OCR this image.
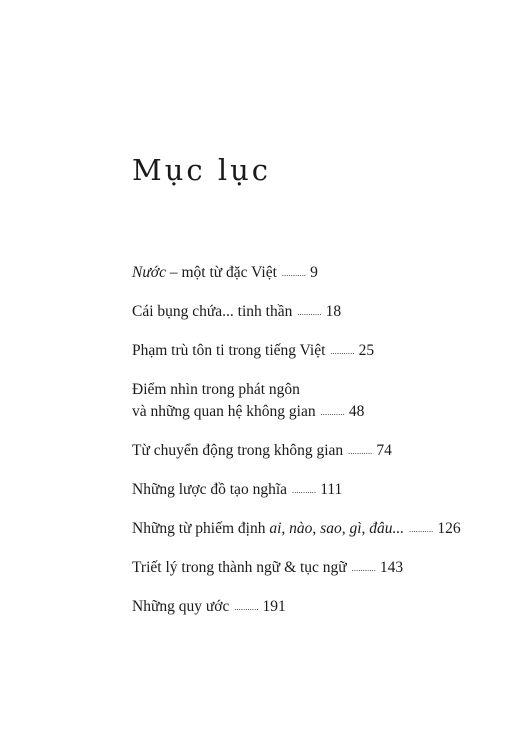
Mục lục

Nước – một từ đặc Việt ........... 9

Cái bụng chứa... tinh thần ........... 18

Phạm trù tôn ti trong tiếng Việt ........... 25

Điểm nhìn trong phát ngôn
và những quan hệ không gian ........... 48

Từ chuyển động trong không gian ........... 74

Những lược đồ tạo nghĩa ........... 111

Những từ phiếm định ai, nào, sao, gì, đâu... ........... 126

Triết lý trong thành ngữ & tục ngữ ........... 143

Những quy ước ........... 191
